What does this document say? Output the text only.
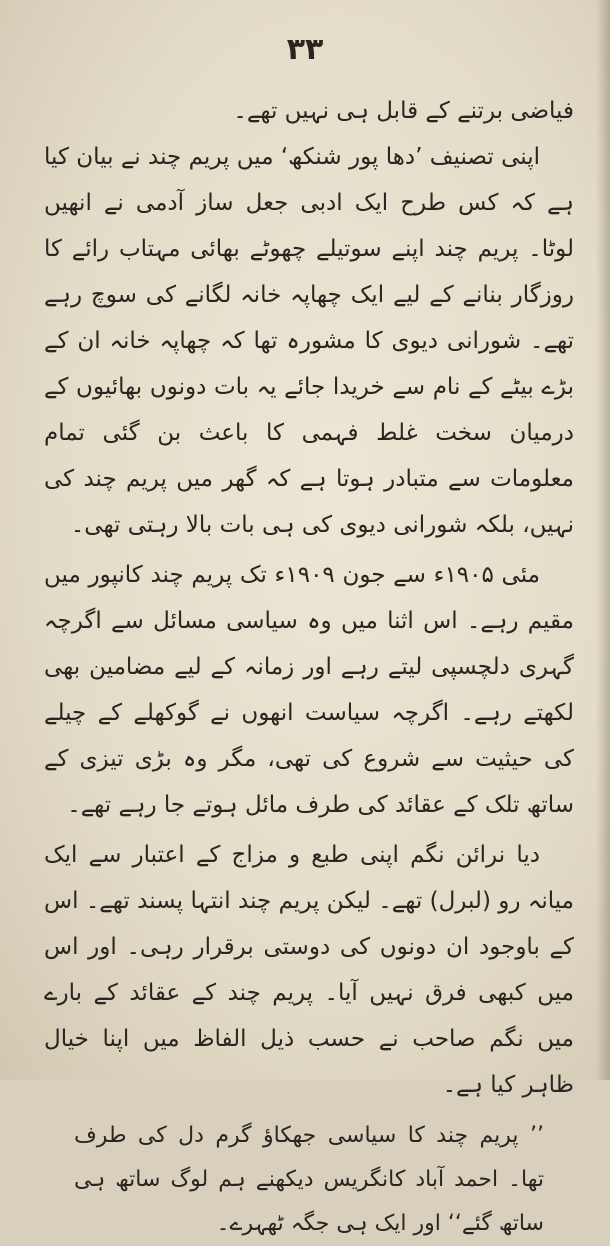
۳۳

فیاضی برتنے کے قابل ہی نہیں تھے۔

اپنی تصنیف ’دھا پور شنکھ‘ میں پریم چند نے بیان کیا ہے کہ کس طرح ایک ادبی جعل ساز آدمی نے انھیں لوٹا۔ پریم چند اپنے سوتیلے چھوٹے بھائی مہتاب رائے کا روزگار بنانے کے لیے ایک چھاپہ خانہ لگانے کی سوچ رہے تھے۔ شورانی دیوی کا مشورہ تھا کہ چھاپہ خانہ ان کے بڑے بیٹے کے نام سے خریدا جائے یہ بات دونوں بھائیوں کے درمیان سخت غلط فہمی کا باعث بن گئی تمام معلومات سے متبادر ہوتا ہے کہ گھر میں پریم چند کی نہیں، بلکہ شورانی دیوی کی ہی بات بالا رہتی تھی۔

مئی ۱۹۰۵ء سے جون ۱۹۰۹ء تک پریم چند کانپور میں مقیم رہے۔ اس اثنا میں وہ سیاسی مسائل سے اگرچہ گہری دلچسپی لیتے رہے اور زمانہ کے لیے مضامین بھی لکھتے رہے۔ اگرچہ سیاست انھوں نے گوکھلے کے چیلے کی حیثیت سے شروع کی تھی، مگر وہ بڑی تیزی کے ساتھ تلک کے عقائد کی طرف مائل ہوتے جا رہے تھے۔

دیا نرائن نگم اپنی طبع و مزاج کے اعتبار سے ایک میانہ رو (لبرل) تھے۔ لیکن پریم چند انتہا پسند تھے۔ اس کے باوجود ان دونوں کی دوستی برقرار رہی۔ اور اس میں کبھی فرق نہیں آیا۔ پریم چند کے عقائد کے بارے میں نگم صاحب نے حسب ذیل الفاظ میں اپنا خیال ظاہر کیا ہے۔

’’ پریم چند کا سیاسی جھکاؤ گرم دل کی طرف تھا۔ احمد آباد کانگریس دیکھنے ہم لوگ ساتھ ہی ساتھ گئے‘‘ اور ایک ہی جگہ ٹھہرے۔
